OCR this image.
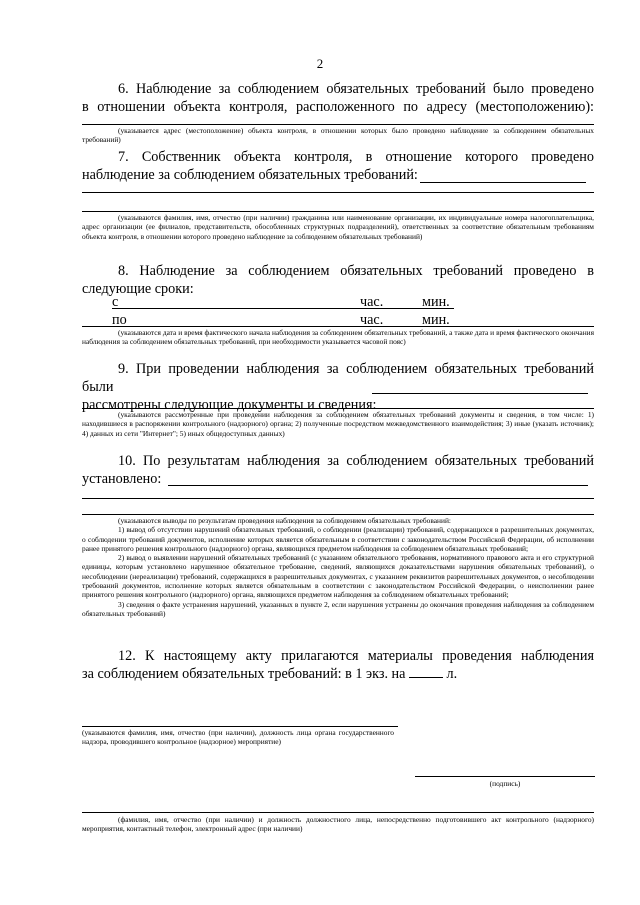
2
6. Наблюдение за соблюдением обязательных требований было проведено
в отношении объекта контроля, расположенного по адресу (местоположению):
(указывается адрес (местоположение) объекта контроля, в отношении которых было проведено наблюдение за соблюдением обязательных требований)
7. Собственник объекта контроля, в отношение которого проведено
наблюдение за соблюдением обязательных требований:
(указываются фамилия, имя, отчество (при наличии) гражданина или наименование организации, их индивидуальные номера налогоплательщика, адрес организации (ее филиалов, представительств, обособленных структурных подразделений), ответственных за соответствие обязательным требованиям объекта контроля, в отношении которого проведено наблюдение за соблюдением обязательных требований)
8. Наблюдение за соблюдением обязательных требований проведено в
следующие сроки:
с	час.	мин.
по	час.	мин.
(указываются дата и время фактического начала наблюдения за соблюдением обязательных требований, а также дата и время фактического окончания наблюдения за соблюдением обязательных требований, при необходимости указывается часовой пояс)
9. При проведении наблюдения за соблюдением обязательных требований были
рассмотрены следующие документы и сведения:
(указываются рассмотренные при проведении наблюдения за соблюдением обязательных требований документы и сведения, в том числе: 1) находившиеся в распоряжении контрольного (надзорного) органа; 2) полученные посредством межведомственного взаимодействия; 3) иные (указать источник); 4) данных из сети "Интернет"; 5) иных общедоступных данных)
10. По результатам наблюдения за соблюдением обязательных требований
установлено:
(указываются выводы по результатам проведения наблюдения за соблюдением обязательных требований:
1) вывод об отсутствии нарушений обязательных требований, о соблюдении (реализации) требований, содержащихся в разрешительных документах, о соблюдении требований документов, исполнение которых является обязательным в соответствии с законодательством Российской Федерации, об исполнении ранее принятого решения контрольного (надзорного) органа, являющихся предметом наблюдения за соблюдением обязательных требований;
2) вывод о выявлении нарушений обязательных требований (с указанием обязательного требования, нормативного правового акта и его структурной единицы, которым установлено нарушенное обязательное требование, сведений, являющихся доказательствами нарушения обязательных требований), о несоблюдении (нереализации) требований, содержащихся в разрешительных документах, с указанием реквизитов разрешительных документов, о несоблюдении требований документов, исполнение которых является обязательным в соответствии с законодательством Российской Федерации, о неисполнении ранее принятого решения контрольного (надзорного) органа, являющихся предметом наблюдения за соблюдением обязательных требований;
3) сведения о факте устранения нарушений, указанных в пункте 2, если нарушения устранены до окончания проведения наблюдения за соблюдением обязательных требований)
12. К настоящему акту прилагаются материалы проведения наблюдения
за соблюдением обязательных требований: в 1 экз. на	л.
(указываются фамилия, имя, отчество (при наличии), должность лица органа государственного надзора, проводившего контрольное (надзорное) мероприятие)
(подпись)
(фамилия, имя, отчество (при наличии) и должность должностного лица, непосредственно подготовившего акт контрольного (надзорного) мероприятия, контактный телефон, электронный адрес (при наличии)
